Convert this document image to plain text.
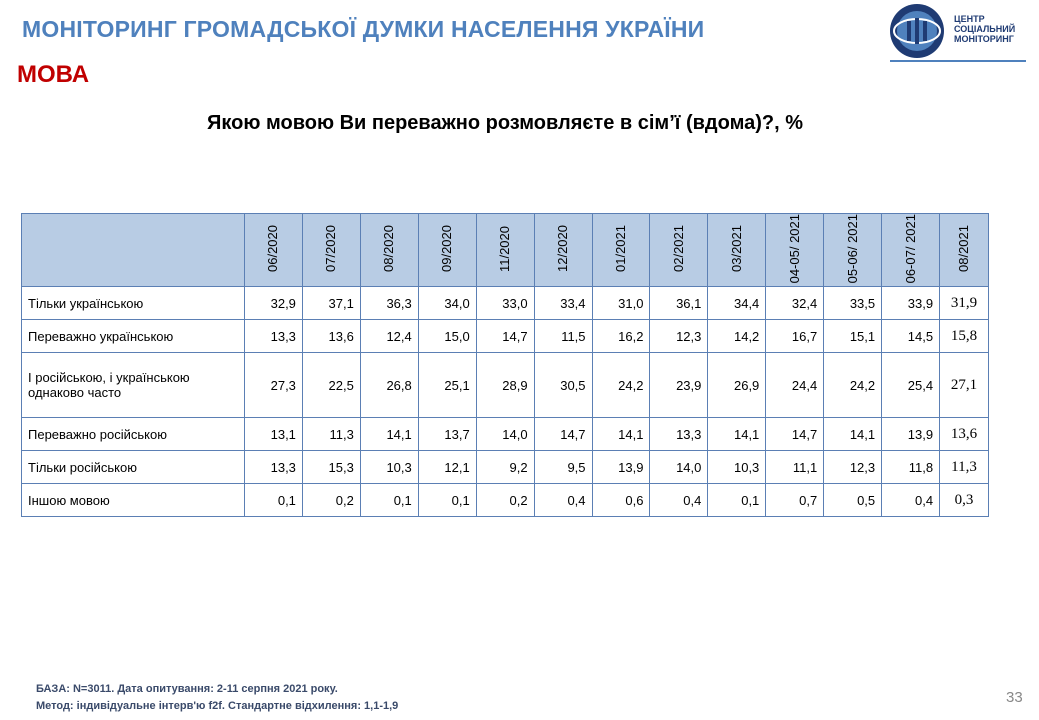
МОНІТОРИНГ ГРОМАДСЬКОЇ ДУМКИ НАСЕЛЕННЯ УКРАЇНИ	ЦЕНТР СОЦІАЛЬНИЙ МОНІТОРИНГ
МОВА
Якою мовою Ви переважно розмовляєте в сім’ї (вдома)?, %
	06/2020	07/2020	08/2020	09/2020	11/2020	12/2020	01/2021	02/2021	03/2021	04-05/ 2021	05-06/ 2021	06-07/ 2021	08/2021
Тільки українською	32,9	37,1	36,3	34,0	33,0	33,4	31,0	36,1	34,4	32,4	33,5	33,9	31,9
Переважно українською	13,3	13,6	12,4	15,0	14,7	11,5	16,2	12,3	14,2	16,7	15,1	14,5	15,8
І російською, і українською однаково часто	27,3	22,5	26,8	25,1	28,9	30,5	24,2	23,9	26,9	24,4	24,2	25,4	27,1
Переважно російською	13,1	11,3	14,1	13,7	14,0	14,7	14,1	13,3	14,1	14,7	14,1	13,9	13,6
Тільки російською	13,3	15,3	10,3	12,1	9,2	9,5	13,9	14,0	10,3	11,1	12,3	11,8	11,3
Іншою мовою	0,1	0,2	0,1	0,1	0,2	0,4	0,6	0,4	0,1	0,7	0,5	0,4	0,3
БАЗА: N=3011. Дата опитування: 2-11 серпня 2021 року.
Метод: індивідуальне інтерв'ю f2f. Стандартне відхилення: 1,1-1,9	33
